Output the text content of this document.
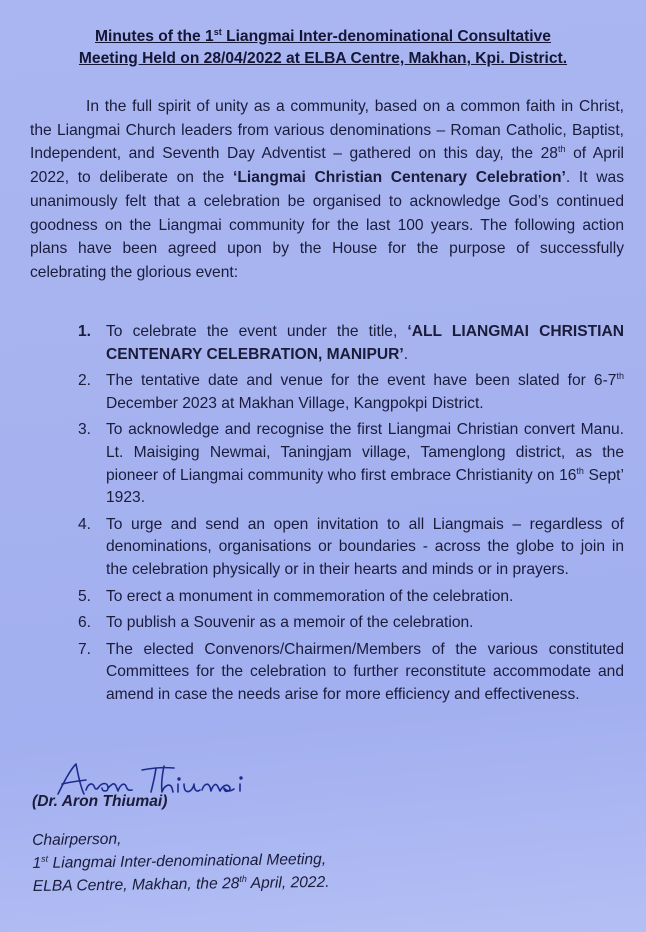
Minutes of the 1st Liangmai Inter-denominational Consultative
Meeting Held on 28/04/2022 at ELBA Centre, Makhan, Kpi. District.
In the full spirit of unity as a community, based on a common faith in Christ, the Liangmai Church leaders from various denominations – Roman Catholic, Baptist, Independent, and Seventh Day Adventist – gathered on this day, the 28th of April 2022, to deliberate on the ‘Liangmai Christian Centenary Celebration’. It was unanimously felt that a celebration be organised to acknowledge God’s continued goodness on the Liangmai community for the last 100 years. The following action plans have been agreed upon by the House for the purpose of successfully celebrating the glorious event:
1. To celebrate the event under the title, ‘ALL LIANGMAI CHRISTIAN CENTENARY CELEBRATION, MANIPUR’.
2. The tentative date and venue for the event have been slated for 6-7th December 2023 at Makhan Village, Kangpokpi District.
3. To acknowledge and recognise the first Liangmai Christian convert Manu. Lt. Maisiging Newmai, Taningjam village, Tamenglong district, as the pioneer of Liangmai community who first embrace Christianity on 16th Sept’ 1923.
4. To urge and send an open invitation to all Liangmais – regardless of denominations, organisations or boundaries - across the globe to join in the celebration physically or in their hearts and minds or in prayers.
5. To erect a monument in commemoration of the celebration.
6. To publish a Souvenir as a memoir of the celebration.
7. The elected Convenors/Chairmen/Members of the various constituted Committees for the celebration to further reconstitute accommodate and amend in case the needs arise for more efficiency and effectiveness.
(Dr. Aron Thiumai)
Chairperson,
1st Liangmai Inter-denominational Meeting,
ELBA Centre, Makhan, the 28th April, 2022.
